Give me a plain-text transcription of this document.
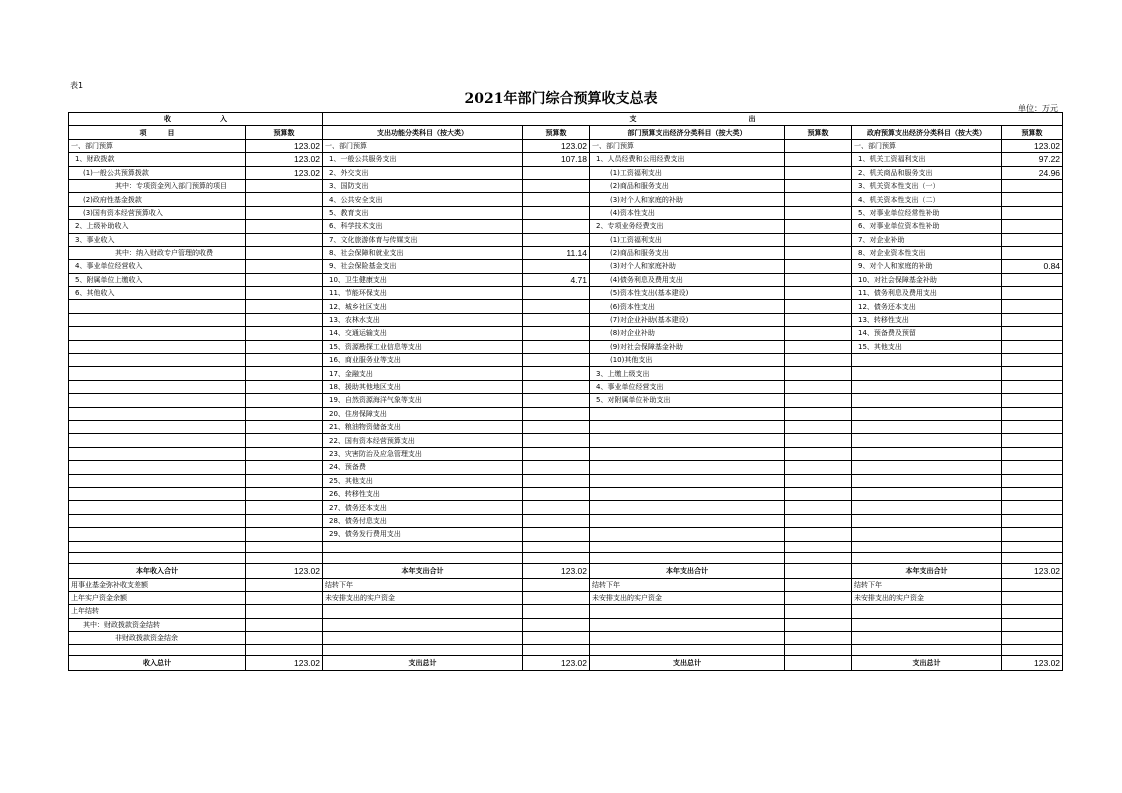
表1
2021年部门综合预算收支总表
单位：万元
收　　　　　　　入		支　　　　　　　　　　　　　　　　出					
项　　　目	预算数	支出功能分类科目（按大类）	预算数	部门预算支出经济分类科目（按大类）	预算数	政府预算支出经济分类科目（按大类）	预算数
一、部门预算	123.02	一、部门预算	123.02	一、部门预算		一、部门预算	123.02
1、财政拨款	123.02	1、一般公共服务支出	107.18	1、人员经费和公用经费支出		1、机关工资福利支出	97.22
(1)一般公共预算拨款	123.02	2、外交支出		(1)工资福利支出		2、机关商品和服务支出	24.96
其中：专项资金列入部门预算的项目		3、国防支出		(2)商品和服务支出		3、机关资本性支出（一）	
(2)政府性基金拨款		4、公共安全支出		(3)对个人和家庭的补助		4、机关资本性支出（二）	
(3)国有资本经营预算收入		5、教育支出		(4)资本性支出		5、对事业单位经常性补助	
2、上级补助收入		6、科学技术支出		2、专项业务经费支出		6、对事业单位资本性补助	
3、事业收入		7、文化旅游体育与传媒支出		(1)工资福利支出		7、对企业补助	
其中：纳入财政专户管理的收费		8、社会保障和就业支出	11.14	(2)商品和服务支出		8、对企业资本性支出	
4、事业单位经营收入		9、社会保险基金支出		(3)对个人和家庭补助		9、对个人和家庭的补助	0.84
5、附属单位上缴收入		10、卫生健康支出	4.71	(4)债务利息及费用支出		10、对社会保障基金补助	
6、其他收入		11、节能环保支出		(5)资本性支出(基本建设)		11、债务利息及费用支出	
		12、城乡社区支出		(6)资本性支出		12、债务还本支出	
		13、农林水支出		(7)对企业补助(基本建设)		13、转移性支出	
		14、交通运输支出		(8)对企业补助		14、预备费及预留	
		15、资源勘探工业信息等支出		(9)对社会保障基金补助		15、其他支出	
		16、商业服务业等支出		(10)其他支出			
		17、金融支出		3、上缴上级支出			
		18、援助其他地区支出		4、事业单位经营支出			
		19、自然资源海洋气象等支出		5、对附属单位补助支出			
		20、住房保障支出					
		21、粮油物资储备支出					
		22、国有资本经营预算支出					
		23、灾害防治及应急管理支出					
		24、预备费					
		25、其他支出					
		26、转移性支出					
		27、债务还本支出					
		28、债务付息支出					
		29、债务发行费用支出					

本年收入合计	123.02	本年支出合计	123.02	本年支出合计		本年支出合计	123.02
用事业基金弥补收支差额		结转下年		结转下年		结转下年	
上年实户资金余额		未安排支出的实户资金		未安排支出的实户资金		未安排支出的实户资金	
上年结转							
其中：财政拨款资金结转							
非财政拨款资金结余							

收入总计	123.02	支出总计	123.02	支出总计		支出总计	123.02
